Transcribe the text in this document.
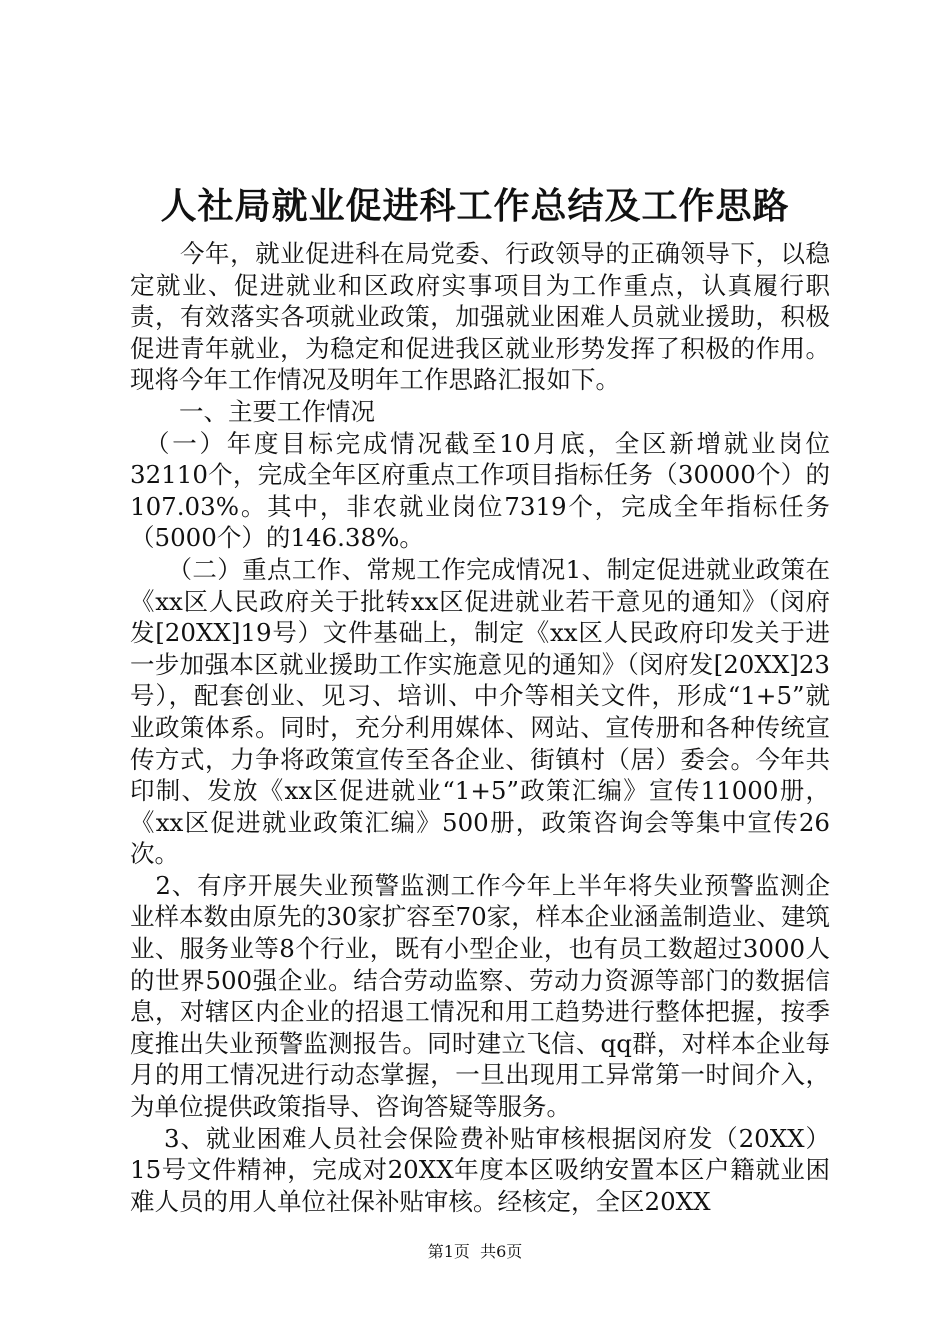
人社局就业促进科工作总结及工作思路

　　今年，就业促进科在局党委、行政领导的正确领导下，以稳定就业、促进就业和区政府实事项目为工作重点，认真履行职责，有效落实各项就业政策，加强就业困难人员就业援助，积极促进青年就业，为稳定和促进我区就业形势发挥了积极的作用。现将今年工作情况及明年工作思路汇报如下。

　　一、主要工作情况

　（一）年度目标完成情况截至10月底，全区新增就业岗位32110个，完成全年区府重点工作项目指标任务（30000个）的107.03%。其中，非农就业岗位7319个，完成全年指标任务（5000个）的146.38%。

　　（二）重点工作、常规工作完成情况1、制定促进就业政策在《xx区人民政府关于批转xx区促进就业若干意见的通知》（闵府发[20XX]19号）文件基础上，制定《xx区人民政府印发关于进一步加强本区就业援助工作实施意见的通知》（闵府发[20XX]23号），配套创业、见习、培训、中介等相关文件，形成“1+5”就业政策体系。同时，充分利用媒体、网站、宣传册和各种传统宣传方式，力争将政策宣传至各企业、街镇村（居）委会。今年共印制、发放《xx区促进就业“1+5”政策汇编》宣传11000册，《xx区促进就业政策汇编》500册，政策咨询会等集中宣传26次。

　2、有序开展失业预警监测工作今年上半年将失业预警监测企业样本数由原先的30家扩容至70家，样本企业涵盖制造业、建筑业、服务业等8个行业，既有小型企业，也有员工数超过3000人的世界500强企业。结合劳动监察、劳动力资源等部门的数据信息，对辖区内企业的招退工情况和用工趋势进行整体把握，按季度推出失业预警监测报告。同时建立飞信、qq群，对样本企业每月的用工情况进行动态掌握，一旦出现用工异常第一时间介入，为单位提供政策指导、咨询答疑等服务。

　 3、就业困难人员社会保险费补贴审核根据闵府发（20XX）15号文件精神，完成对20XX年度本区吸纳安置本区户籍就业困难人员的用人单位社保补贴审核。经核定，全区20XX

第1页  共6页
